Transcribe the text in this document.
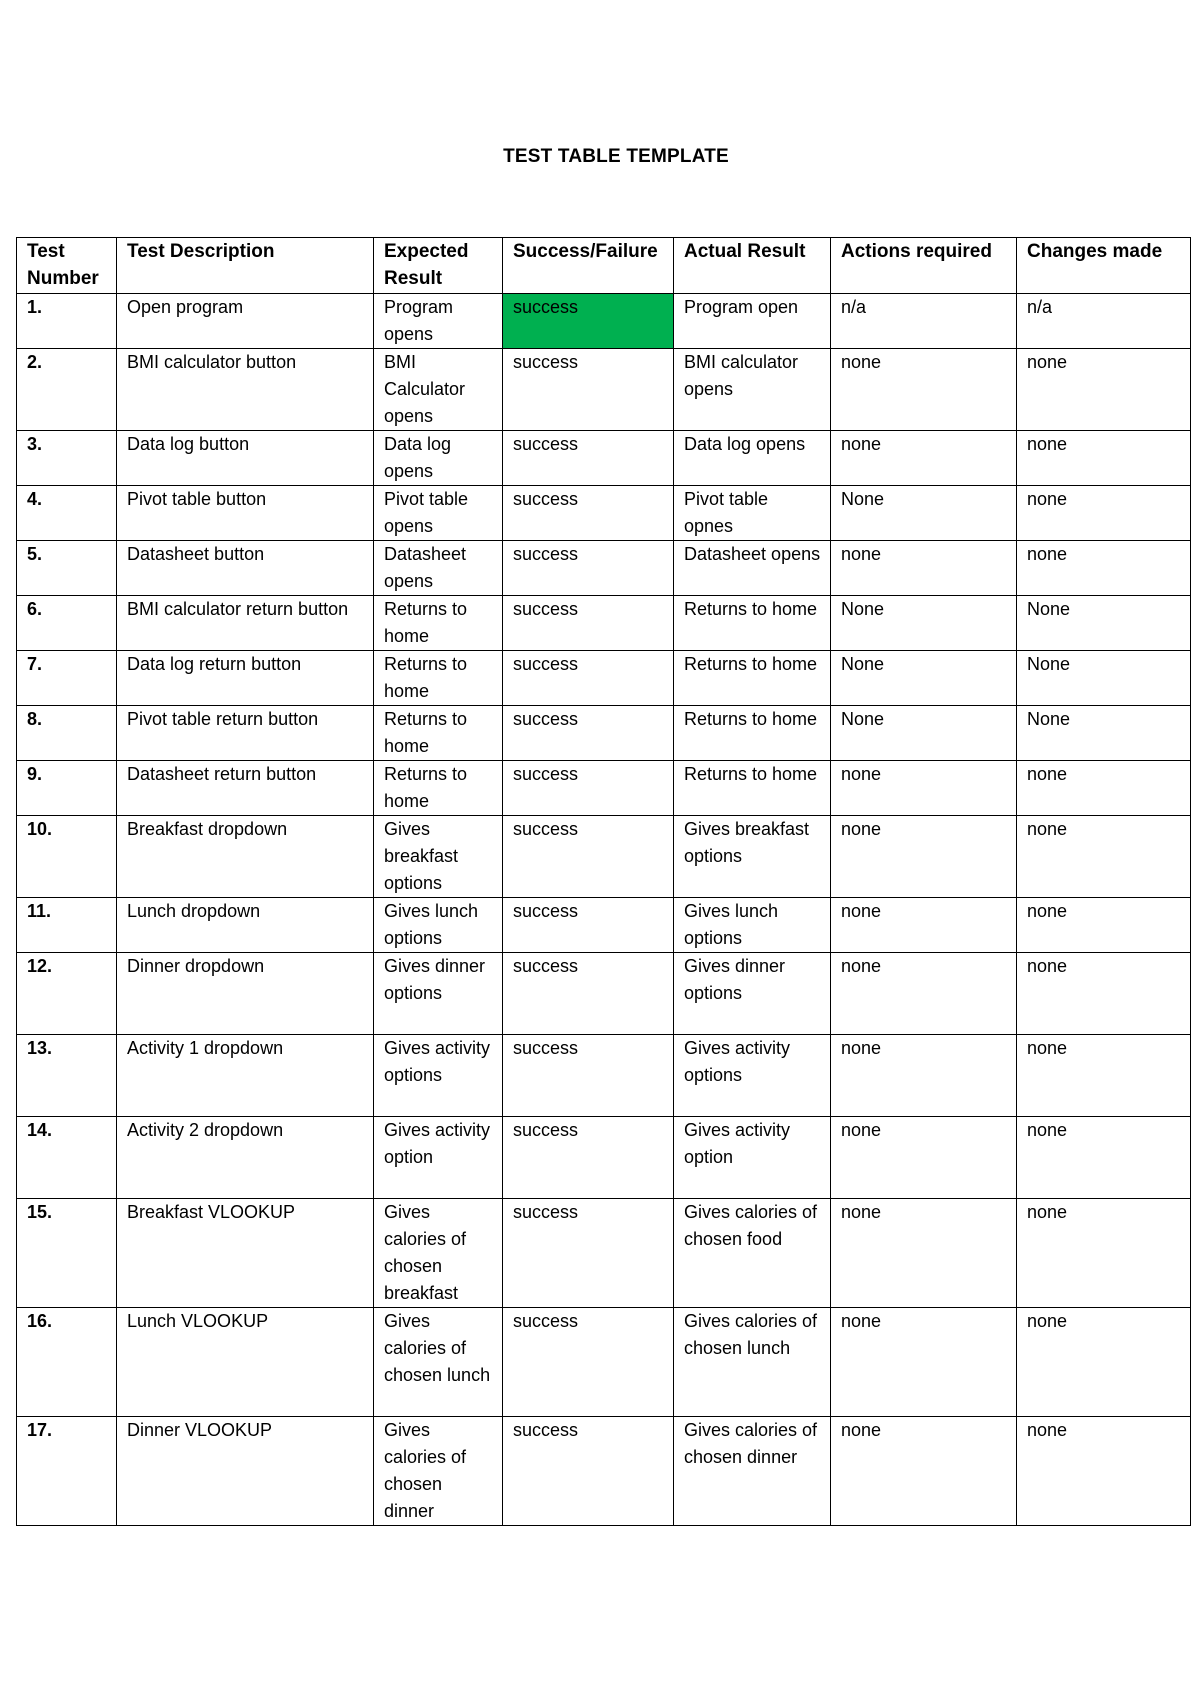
TEST TABLE TEMPLATE
Test Number	Test Description	Expected Result	Success/Failure	Actual Result	Actions required	Changes made
1.	Open program	Program opens	success	Program open	n/a	n/a
2.	BMI calculator button	BMI Calculator opens	success	BMI calculator opens	none	none
3.	Data log button	Data log opens	success	Data log opens	none	none
4.	Pivot table button	Pivot table opens	success	Pivot table opnes	None	none
5.	Datasheet button	Datasheet opens	success	Datasheet opens	none	none
6.	BMI calculator return button	Returns to home	success	Returns to home	None	None
7.	Data log return button	Returns to home	success	Returns to home	None	None
8.	Pivot table return button	Returns to home	success	Returns to home	None	None
9.	Datasheet return button	Returns to home	success	Returns to home	none	none
10.	Breakfast dropdown	Gives breakfast options	success	Gives breakfast options	none	none
11.	Lunch dropdown	Gives lunch options	success	Gives lunch options	none	none
12.	Dinner dropdown	Gives dinner options	success	Gives dinner options	none	none
13.	Activity 1 dropdown	Gives activity options	success	Gives activity options	none	none
14.	Activity 2 dropdown	Gives activity option	success	Gives activity option	none	none
15.	Breakfast VLOOKUP	Gives calories of chosen breakfast	success	Gives calories of chosen food	none	none
16.	Lunch VLOOKUP	Gives calories of chosen lunch	success	Gives calories of chosen lunch	none	none
17.	Dinner VLOOKUP	Gives calories of chosen dinner	success	Gives calories of chosen dinner	none	none
